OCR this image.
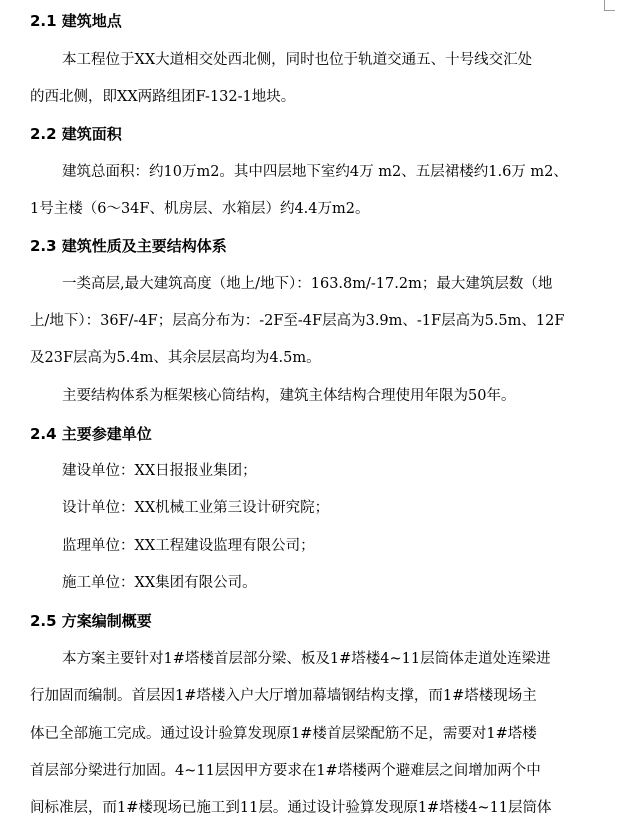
2.1 建筑地点
本工程位于XX大道相交处西北侧，同时也位于轨道交通五、十号线交汇处
的西北侧，即XX两路组团F-132-1地块。
2.2 建筑面积
建筑总面积：约10万m2。其中四层地下室约4万 m2、五层裙楼约1.6万 m2、
1号主楼（6～34F、机房层、水箱层）约4.4万m2。
2.3 建筑性质及主要结构体系
一类高层,最大建筑高度（地上/地下）：163.8m/-17.2m；最大建筑层数（地
上/地下）：36F/-4F；层高分布为：-2F至-4F层高为3.9m、-1F层高为5.5m、12F
及23F层高为5.4m、其余层层高均为4.5m。
主要结构体系为框架核心筒结构，建筑主体结构合理使用年限为50年。
2.4 主要参建单位
建设单位：XX日报报业集团；
设计单位：XX机械工业第三设计研究院；
监理单位：XX工程建设监理有限公司；
施工单位：XX集团有限公司。
2.5 方案编制概要
本方案主要针对1#塔楼首层部分梁、板及1#塔楼4~11层筒体走道处连梁进
行加固而编制。首层因1#塔楼入户大厅增加幕墙钢结构支撑，而1#塔楼现场主
体已全部施工完成。通过设计验算发现原1#楼首层梁配筋不足，需要对1#塔楼
首层部分梁进行加固。4~11层因甲方要求在1#塔楼两个避难层之间增加两个中
间标准层，而1#楼现场已施工到11层。通过设计验算发现原1#塔楼4~11层筒体
